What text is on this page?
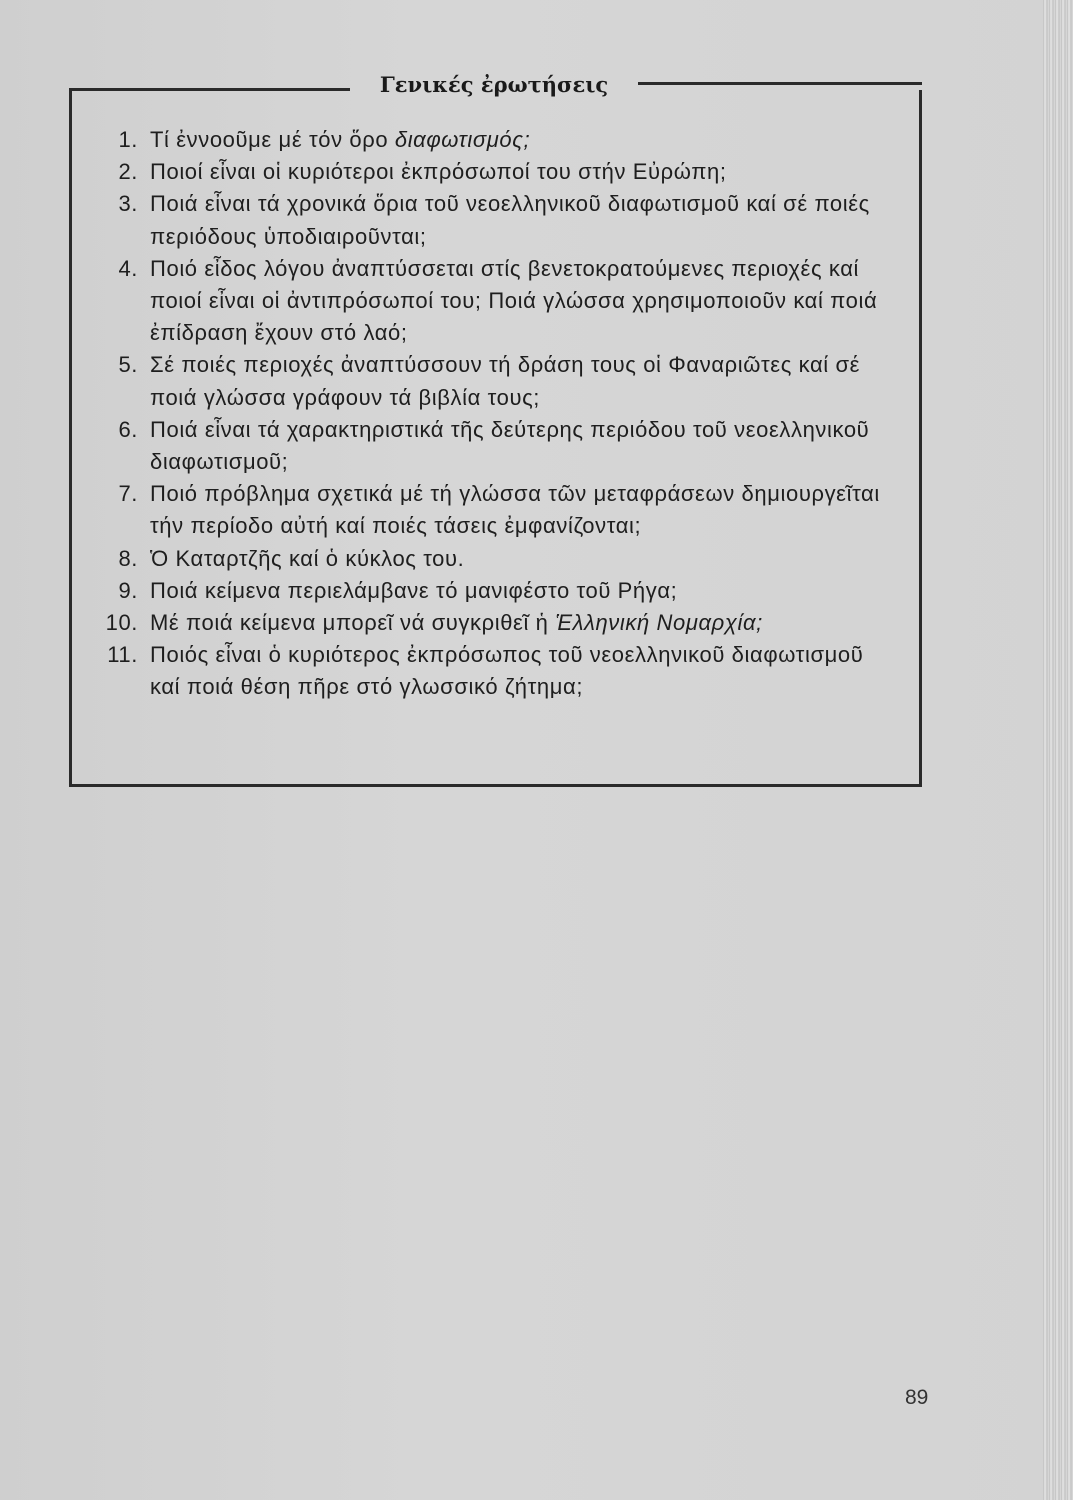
Γενικές ἐρωτήσεις
1. Τί ἐννοοῦμε μέ τόν ὅρο διαφωτισμός;
2. Ποιοί εἶναι οἱ κυριότεροι ἐκπρόσωποί του στήν Εὐρώπη;
3. Ποιά εἶναι τά χρονικά ὅρια τοῦ νεοελληνικοῦ διαφωτισμοῦ καί σέ ποιές περιόδους ὑποδιαιροῦνται;
4. Ποιό εἶδος λόγου ἀναπτύσσεται στίς βενετοκρατούμενες περιοχές καί ποιοί εἶναι οἱ ἀντιπρόσωποί του; Ποιά γλώσσα χρησιμοποιοῦν καί ποιά ἐπίδραση ἔχουν στό λαό;
5. Σέ ποιές περιοχές ἀναπτύσσουν τή δράση τους οἱ Φαναριῶτες καί σέ ποιά γλώσσα γράφουν τά βιβλία τους;
6. Ποιά εἶναι τά χαρακτηριστικά τῆς δεύτερης περιόδου τοῦ νεοελληνικοῦ διαφωτισμοῦ;
7. Ποιό πρόβλημα σχετικά μέ τή γλώσσα τῶν μεταφράσεων δημιουργεῖται τήν περίοδο αὐτή καί ποιές τάσεις ἐμφανίζονται;
8. Ὁ Καταρτζῆς καί ὁ κύκλος του.
9. Ποιά κείμενα περιελάμβανε τό μανιφέστο τοῦ Ρήγα;
10. Μέ ποιά κείμενα μπορεῖ νά συγκριθεῖ ἡ Ἑλληνική Νομαρχία;
11. Ποιός εἶναι ὁ κυριότερος ἐκπρόσωπος τοῦ νεοελληνικοῦ διαφωτισμοῦ καί ποιά θέση πῆρε στό γλωσσικό ζήτημα;
89
